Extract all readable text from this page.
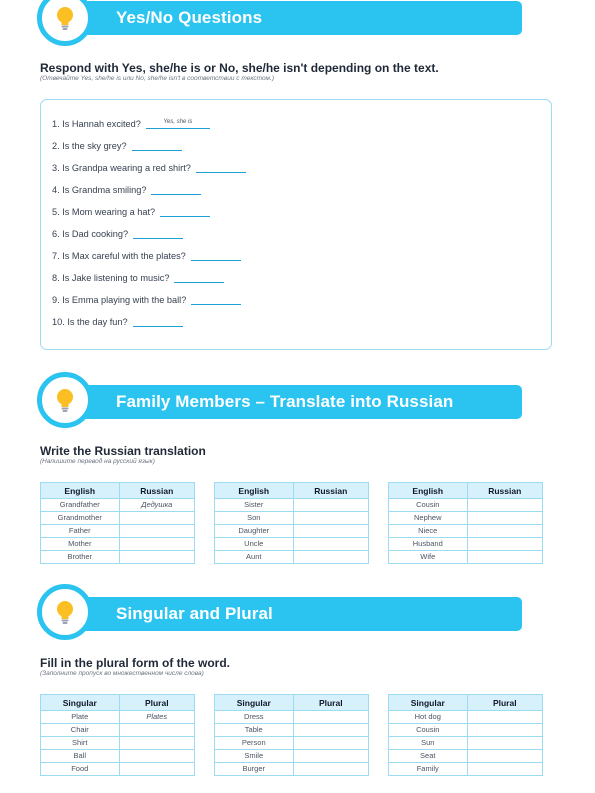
Yes/No Questions
Respond with Yes, she/he is or No, she/he isn't depending on the text.
(Отвечайте Yes, she/he is или No, she/he isn't в соответствии с текстом.)
1. Is Hannah excited?	Yes, she is
2. Is the sky grey?
3. Is Grandpa wearing a red shirt?
4. Is Grandma smiling?
5. Is Mom wearing a hat?
6. Is Dad cooking?
7. Is Max careful with the plates?
8. Is Jake listening to music?
9. Is Emma playing with the ball?
10. Is the day fun?
Family Members – Translate into Russian
Write the Russian translation
(Напишите перевод на русский язык)
English	Russian
Grandfather	Дедушка
Grandmother	
Father	
Mother	
Brother	
English	Russian
Sister	
Son	
Daughter	
Uncle	
Aunt	
English	Russian
Cousin	
Nephew	
Niece	
Husband	
Wife	
Singular and Plural
Fill in the plural form of the word.
(Заполните пропуск во множественном числе слова)
Singular	Plural
Plate	Plates
Chair	
Shirt	
Ball	
Food	
Singular	Plural
Dress	
Table	
Person	
Smile	
Burger	
Singular	Plural
Hot dog	
Cousin	
Sun	
Seat	
Family	
